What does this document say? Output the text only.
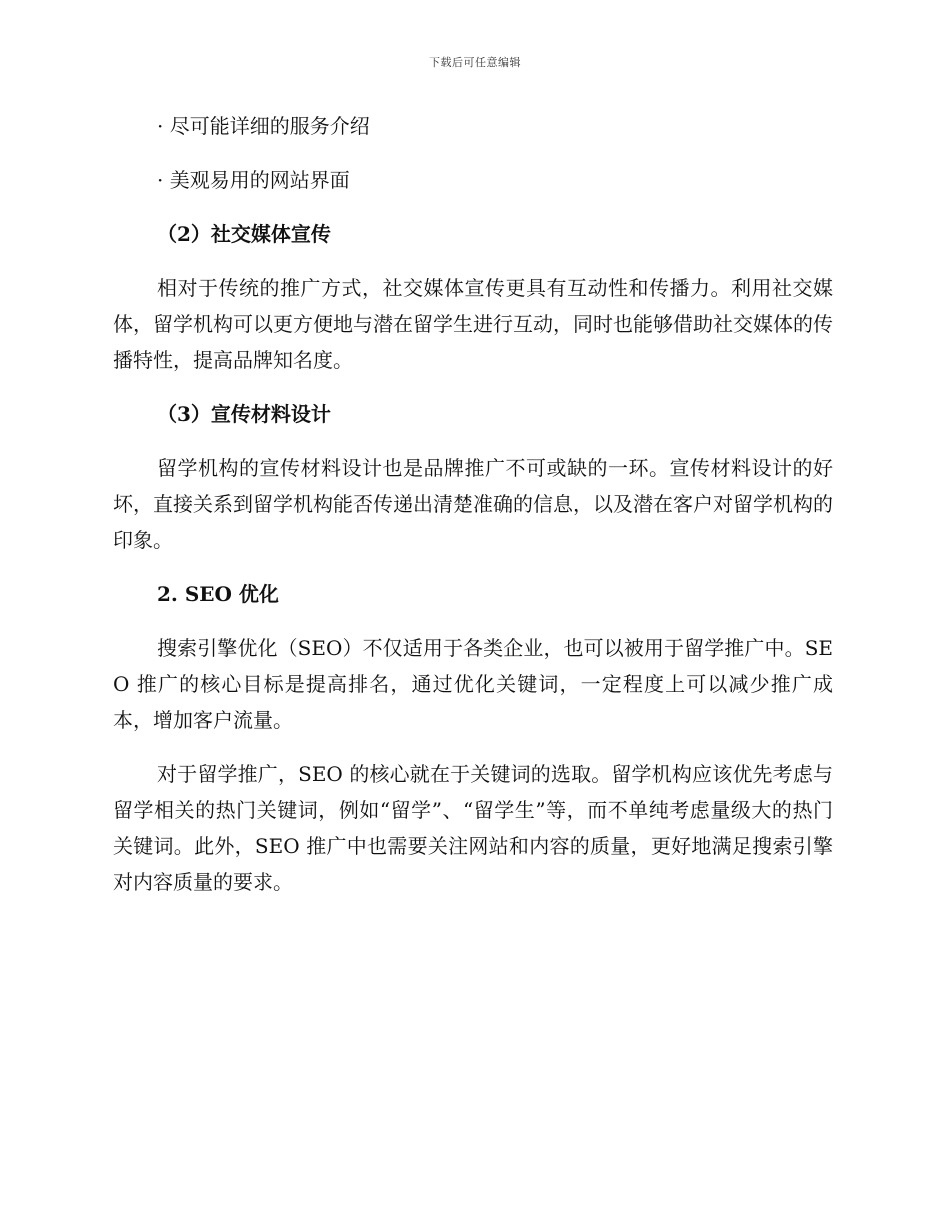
下载后可任意编辑

· 尽可能详细的服务介绍

· 美观易用的网站界面

（2）社交媒体宣传

相对于传统的推广方式，社交媒体宣传更具有互动性和传播力。利用社交媒体，留学机构可以更方便地与潜在留学生进行互动，同时也能够借助社交媒体的传播特性，提高品牌知名度。

（3）宣传材料设计

留学机构的宣传材料设计也是品牌推广不可或缺的一环。宣传材料设计的好坏，直接关系到留学机构能否传递出清楚准确的信息，以及潜在客户对留学机构的印象。

2. SEO 优化

搜索引擎优化（SEO）不仅适用于各类企业，也可以被用于留学推广中。SEO 推广的核心目标是提高排名，通过优化关键词，一定程度上可以减少推广成本，增加客户流量。

对于留学推广，SEO 的核心就在于关键词的选取。留学机构应该优先考虑与留学相关的热门关键词，例如“留学”、“留学生”等，而不单纯考虑量级大的热门关键词。此外，SEO 推广中也需要关注网站和内容的质量，更好地满足搜索引擎对内容质量的要求。
